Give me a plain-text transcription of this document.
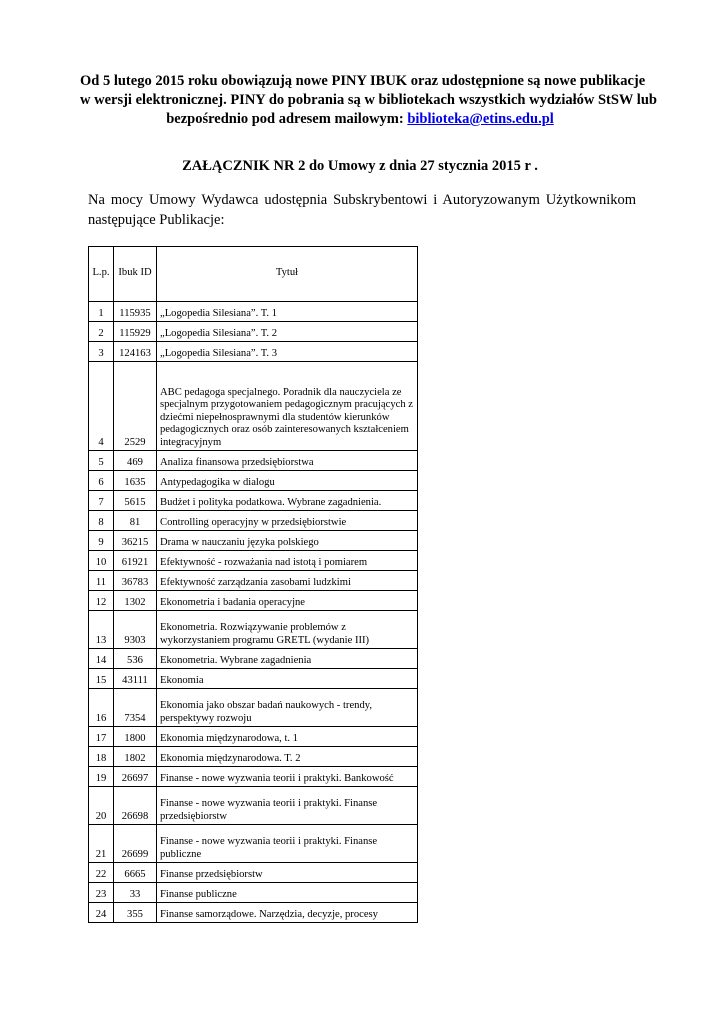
Od 5 lutego 2015 roku obowiązują nowe PINY IBUK oraz udostępnione są nowe publikacje
w wersji elektronicznej. PINY do pobrania są w bibliotekach wszystkich wydziałów StSW lub
bezpośrednio pod adresem mailowym: biblioteka@etins.edu.pl
ZAŁĄCZNIK NR 2 do Umowy z dnia 27 stycznia 2015 r .
Na mocy Umowy Wydawca udostępnia Subskrybentowi i Autoryzowanym Użytkownikom
następujące Publikacje:
L.p.	Ibuk ID	Tytuł
1	115935	„Logopedia Silesiana”. T. 1
2	115929	„Logopedia Silesiana”. T. 2
3	124163	„Logopedia Silesiana”. T. 3
4	2529	ABC pedagoga specjalnego. Poradnik dla nauczyciela ze specjalnym przygotowaniem pedagogicznym pracujących z dziećmi niepełnosprawnymi dla studentów kierunków pedagogicznych oraz osób zainteresowanych kształceniem integracyjnym
5	469	Analiza finansowa przedsiębiorstwa
6	1635	Antypedagogika w dialogu
7	5615	Budżet i polityka podatkowa. Wybrane zagadnienia.
8	81	Controlling operacyjny w przedsiębiorstwie
9	36215	Drama w nauczaniu języka polskiego
10	61921	Efektywność - rozważania nad istotą i pomiarem
11	36783	Efektywność zarządzania zasobami ludzkimi
12	1302	Ekonometria i badania operacyjne
13	9303	Ekonometria. Rozwiązywanie problemów z wykorzystaniem programu GRETL (wydanie III)
14	536	Ekonometria. Wybrane zagadnienia
15	43111	Ekonomia
16	7354	Ekonomia jako obszar badań naukowych - trendy, perspektywy rozwoju
17	1800	Ekonomia międzynarodowa, t. 1
18	1802	Ekonomia międzynarodowa. T. 2
19	26697	Finanse - nowe wyzwania teorii i praktyki. Bankowość
20	26698	Finanse - nowe wyzwania teorii i praktyki. Finanse przedsiębiorstw
21	26699	Finanse - nowe wyzwania teorii i praktyki. Finanse publiczne
22	6665	Finanse przedsiębiorstw
23	33	Finanse publiczne
24	355	Finanse samorządowe. Narzędzia, decyzje, procesy
